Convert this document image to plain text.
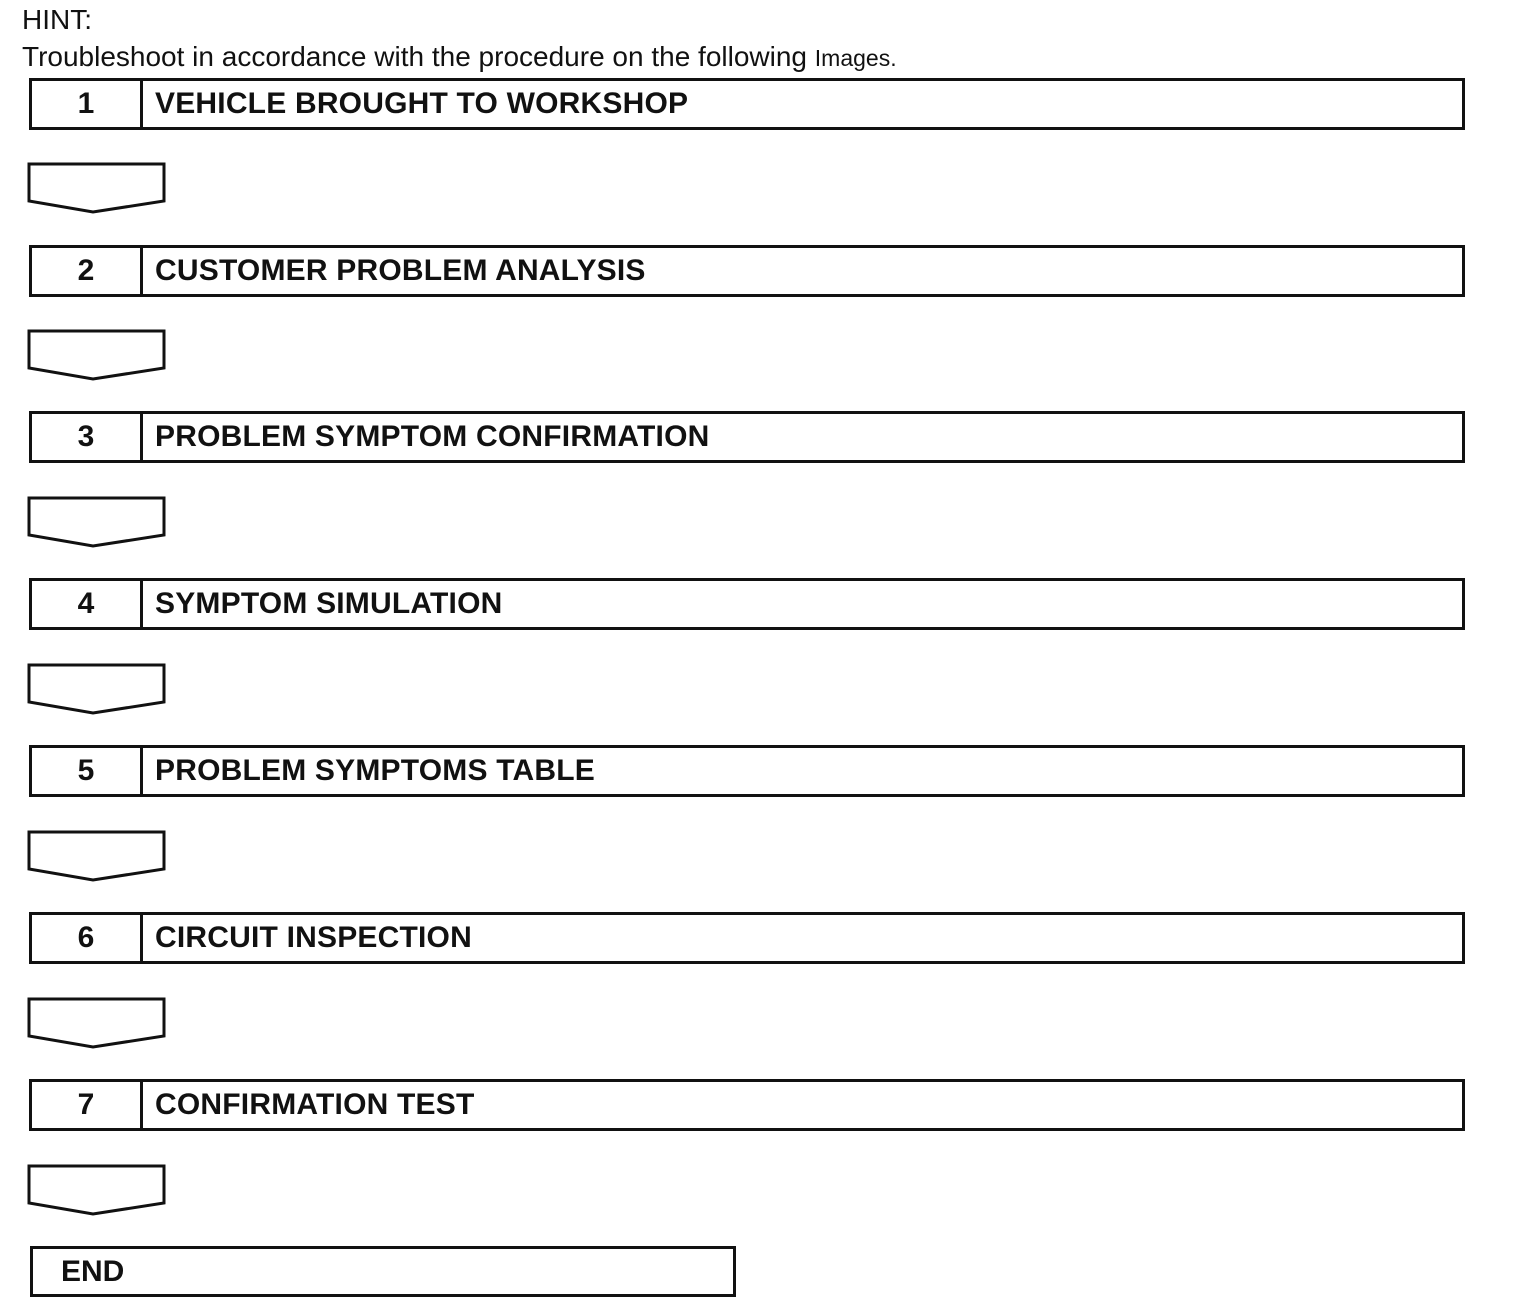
HINT:
Troubleshoot in accordance with the procedure on the following Images.
1	VEHICLE BROUGHT TO WORKSHOP
2	CUSTOMER PROBLEM ANALYSIS
3	PROBLEM SYMPTOM CONFIRMATION
4	SYMPTOM SIMULATION
5	PROBLEM SYMPTOMS TABLE
6	CIRCUIT INSPECTION
7	CONFIRMATION TEST
END
